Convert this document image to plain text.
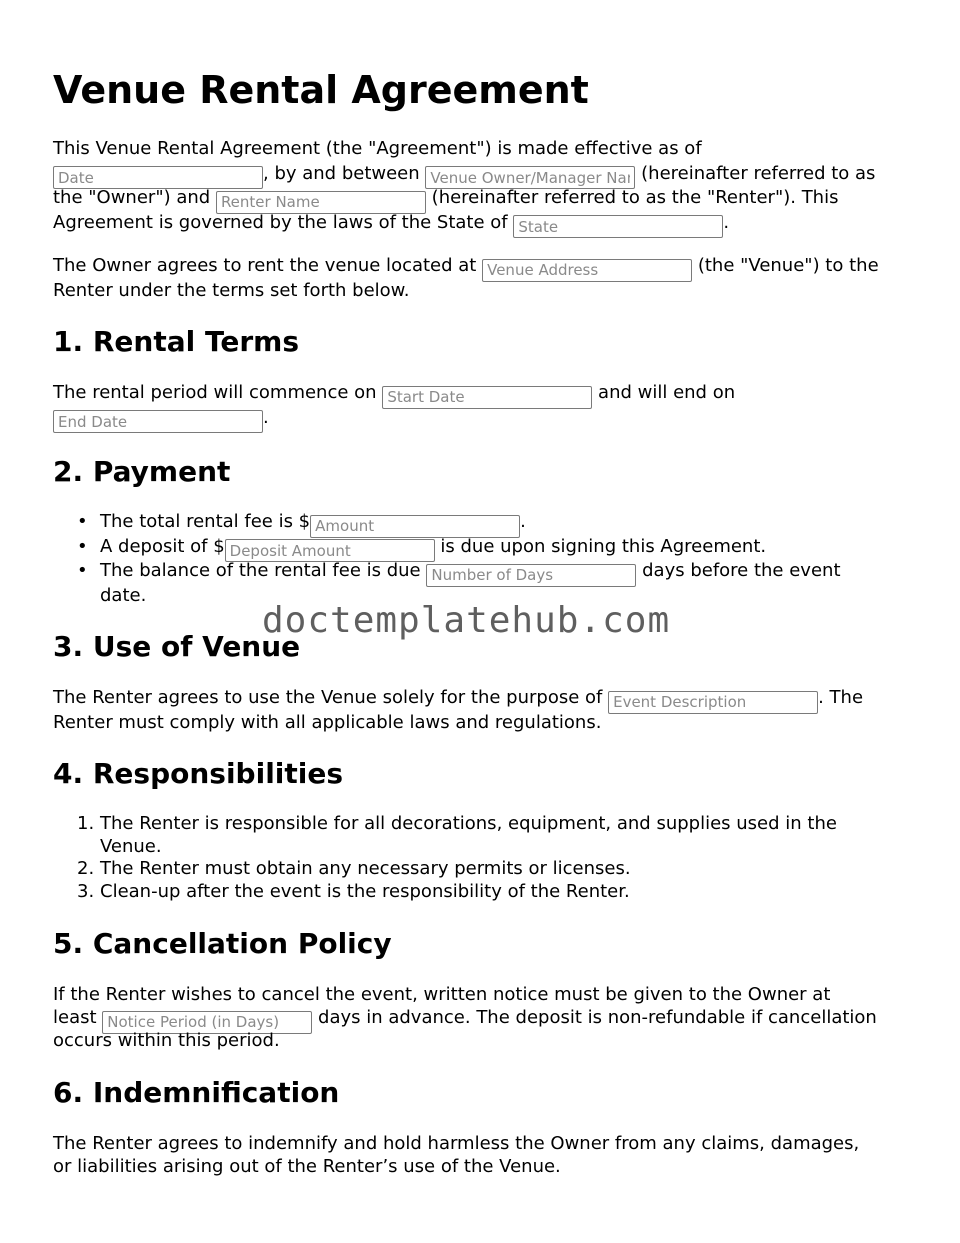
Venue Rental Agreement
This Venue Rental Agreement (the "Agreement") is made effective as of
Date, by and between Venue Owner/Manager Name	(hereinafter referred to as
the "Owner") and Renter Name	(hereinafter referred to as the "Renter"). This
Agreement is governed by the laws of the State of State	.
The Owner agrees to rent the venue located at Venue Address	(the "Venue") to the
Renter under the terms set forth below.
1. Rental Terms
The rental period will commence on Start Date	and will end on
End Date.
2. Payment
• The total rental fee is $Amount	.
• A deposit of $Deposit Amount	is due upon signing this Agreement.
• The balance of the rental fee is due Number of Days	days before the event
date.
3. Use of Venue
The Renter agrees to use the Venue solely for the purpose of Event Description	. The
Renter must comply with all applicable laws and regulations.
4. Responsibilities
1. The Renter is responsible for all decorations, equipment, and supplies used in the
Venue.
2. The Renter must obtain any necessary permits or licenses.
3. Clean-up after the event is the responsibility of the Renter.
5. Cancellation Policy
If the Renter wishes to cancel the event, written notice must be given to the Owner at
least Notice Period (in Days)	days in advance. The deposit is non-refundable if cancellation
occurs within this period.
6. Indemnification
The Renter agrees to indemnify and hold harmless the Owner from any claims, damages,
or liabilities arising out of the Renter’s use of the Venue.
doctemplatehub.com
